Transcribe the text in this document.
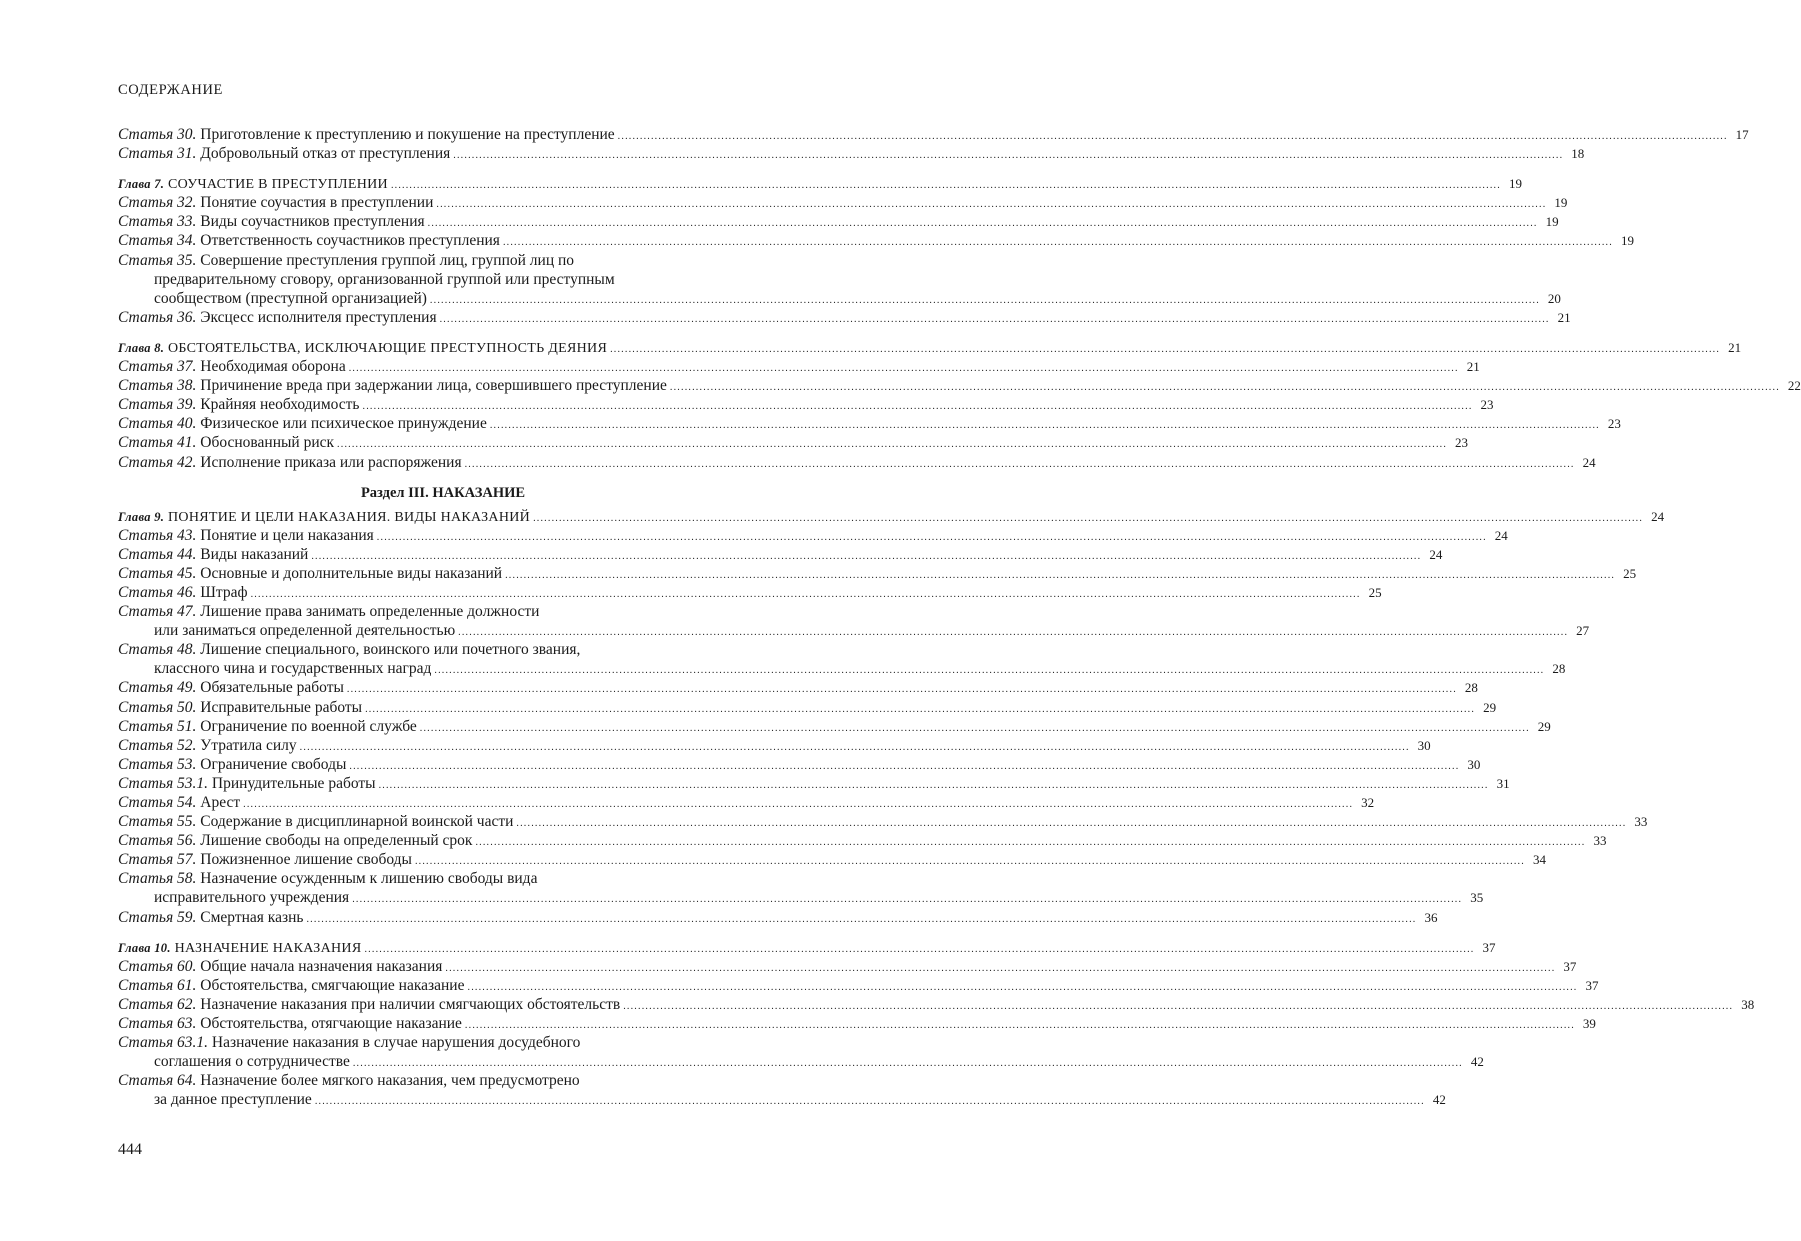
СОДЕРЖАНИЕ
Статья 30. Приготовление к преступлению и покушение на преступление ............................................................................................................................................................................................................................................................................................................ 17
Статья 31. Добровольный отказ от преступления ............................................................................................................................................................................................................................................................................................................ 18
Глава 7. СОУЧАСТИЕ В ПРЕСТУПЛЕНИИ ............................................................................................................................................................................................................................................................................................................ 19
Статья 32. Понятие соучастия в преступлении ............................................................................................................................................................................................................................................................................................................ 19
Статья 33. Виды соучастников преступления ............................................................................................................................................................................................................................................................................................................ 19
Статья 34. Ответственность соучастников преступления ............................................................................................................................................................................................................................................................................................................ 19
Статья 35. Совершение преступления группой лиц, группой лиц по
предварительному сговору, организованной группой или преступным
сообществом (преступной организацией) ............................................................................................................................................................................................................................................................................................................ 20
Статья 36. Эксцесс исполнителя преступления ............................................................................................................................................................................................................................................................................................................ 21
Глава 8. ОБСТОЯТЕЛЬСТВА, ИСКЛЮЧАЮЩИЕ ПРЕСТУПНОСТЬ ДЕЯНИЯ ............................................................................................................................................................................................................................................................................................................ 21
Статья 37. Необходимая оборона ............................................................................................................................................................................................................................................................................................................ 21
Статья 38. Причинение вреда при задержании лица, совершившего преступление ............................................................................................................................................................................................................................................................................................................ 22
Статья 39. Крайняя необходимость ............................................................................................................................................................................................................................................................................................................ 23
Статья 40. Физическое или психическое принуждение ............................................................................................................................................................................................................................................................................................................ 23
Статья 41. Обоснованный риск ............................................................................................................................................................................................................................................................................................................ 23
Статья 42. Исполнение приказа или распоряжения ............................................................................................................................................................................................................................................................................................................ 24
Раздел III. НАКАЗАНИЕ
Глава 9. ПОНЯТИЕ И ЦЕЛИ НАКАЗАНИЯ. ВИДЫ НАКАЗАНИЙ ............................................................................................................................................................................................................................................................................................................ 24
Статья 43. Понятие и цели наказания ............................................................................................................................................................................................................................................................................................................ 24
Статья 44. Виды наказаний ............................................................................................................................................................................................................................................................................................................ 24
Статья 45. Основные и дополнительные виды наказаний ............................................................................................................................................................................................................................................................................................................ 25
Статья 46. Штраф ............................................................................................................................................................................................................................................................................................................ 25
Статья 47. Лишение права занимать определенные должности
или заниматься определенной деятельностью ............................................................................................................................................................................................................................................................................................................ 27
Статья 48. Лишение специального, воинского или почетного звания,
классного чина и государственных наград ............................................................................................................................................................................................................................................................................................................ 28
Статья 49. Обязательные работы ............................................................................................................................................................................................................................................................................................................ 28
Статья 50. Исправительные работы ............................................................................................................................................................................................................................................................................................................ 29
Статья 51. Ограничение по военной службе ............................................................................................................................................................................................................................................................................................................ 29
Статья 52. Утратила силу ............................................................................................................................................................................................................................................................................................................ 30
Статья 53. Ограничение свободы ............................................................................................................................................................................................................................................................................................................ 30
Статья 53.1. Принудительные работы ............................................................................................................................................................................................................................................................................................................ 31
Статья 54. Арест ............................................................................................................................................................................................................................................................................................................ 32
Статья 55. Содержание в дисциплинарной воинской части ............................................................................................................................................................................................................................................................................................................ 33
Статья 56. Лишение свободы на определенный срок ............................................................................................................................................................................................................................................................................................................ 33
Статья 57. Пожизненное лишение свободы ............................................................................................................................................................................................................................................................................................................ 34
Статья 58. Назначение осужденным к лишению свободы вида
исправительного учреждения ............................................................................................................................................................................................................................................................................................................ 35
Статья 59. Смертная казнь ............................................................................................................................................................................................................................................................................................................ 36
Глава 10. НАЗНАЧЕНИЕ НАКАЗАНИЯ ............................................................................................................................................................................................................................................................................................................ 37
Статья 60. Общие начала назначения наказания ............................................................................................................................................................................................................................................................................................................ 37
Статья 61. Обстоятельства, смягчающие наказание ............................................................................................................................................................................................................................................................................................................ 37
Статья 62. Назначение наказания при наличии смягчающих обстоятельств ............................................................................................................................................................................................................................................................................................................ 38
Статья 63. Обстоятельства, отягчающие наказание ............................................................................................................................................................................................................................................................................................................ 39
Статья 63.1. Назначение наказания в случае нарушения досудебного
соглашения о сотрудничестве ............................................................................................................................................................................................................................................................................................................ 42
Статья 64. Назначение более мягкого наказания, чем предусмотрено
за данное преступление ............................................................................................................................................................................................................................................................................................................ 42
444
